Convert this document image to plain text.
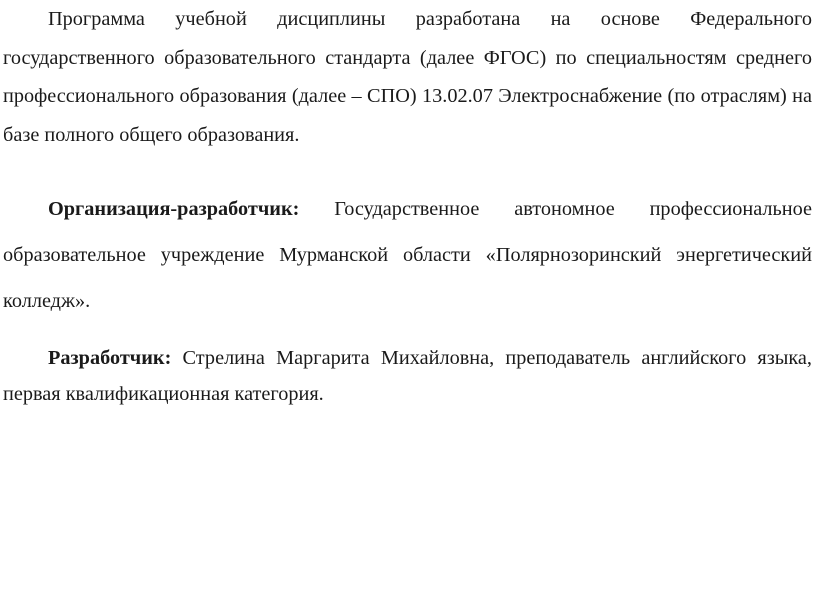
Программа учебной дисциплины разработана на основе Федерального государственного образовательного стандарта (далее ФГОС) по специальностям среднего профессионального образования (далее – СПО) 13.02.07 Электроснабжение (по отраслям) на базе полного общего образования.

Организация-разработчик: Государственное автономное профессиональное образовательное учреждение Мурманской области «Полярнозоринский энергетический колледж».

Разработчик: Стрелина Маргарита Михайловна, преподаватель английского языка, первая квалификационная категория.
